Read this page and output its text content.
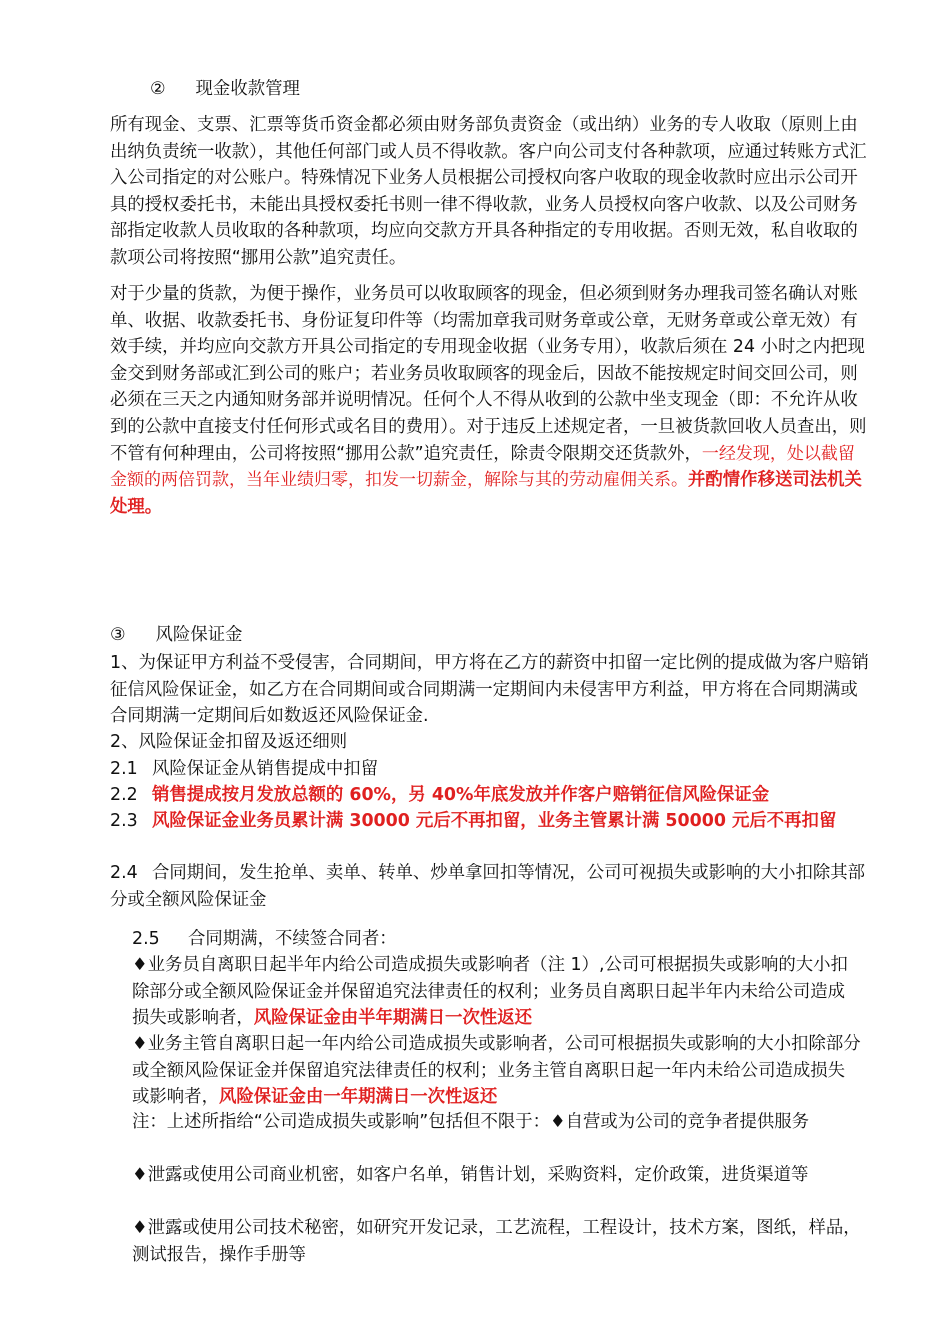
② 现金收款管理

所有现金、支票、汇票等货币资金都必须由财务部负责资金（或出纳）业务的专人收取（原则上由出纳负责统一收款），其他任何部门或人员不得收款。客户向公司支付各种款项，应通过转账方式汇入公司指定的对公账户。特殊情况下业务人员根据公司授权向客户收取的现金收款时应出示公司开具的授权委托书，未能出具授权委托书则一律不得收款，业务人员授权向客户收款、以及公司财务部指定收款人员收取的各种款项，均应向交款方开具各种指定的专用收据。否则无效，私自收取的款项公司将按照“挪用公款”追究责任。

对于少量的货款，为便于操作，业务员可以收取顾客的现金，但必须到财务办理我司签名确认对账单、收据、收款委托书、身份证复印件等（均需加章我司财务章或公章，无财务章或公章无效）有效手续，并均应向交款方开具公司指定的专用现金收据（业务专用），收款后须在 24 小时之内把现金交到财务部或汇到公司的账户；若业务员收取顾客的现金后，因故不能按规定时间交回公司，则必须在三天之内通知财务部并说明情况。任何个人不得从收到的公款中坐支现金（即：不允许从收到的公款中直接支付任何形式或名目的费用）。对于违反上述规定者，一旦被货款回收人员查出，则不管有何种理由，公司将按照“挪用公款”追究责任，除责令限期交还货款外，一经发现，处以截留金额的两倍罚款，当年业绩归零，扣发一切薪金，解除与其的劳动雇佣关系。并酌情作移送司法机关处理。

③ 风险保证金

1、为保证甲方利益不受侵害，合同期间，甲方将在乙方的薪资中扣留一定比例的提成做为客户赔销征信风险保证金，如乙方在合同期间或合同期满一定期间内未侵害甲方利益，甲方将在合同期满或合同期满一定期间后如数返还风险保证金.

2、风险保证金扣留及返还细则

2.1 风险保证金从销售提成中扣留

2.2 销售提成按月发放总额的 60%，另 40%年底发放并作客户赔销征信风险保证金

2.3 风险保证金业务员累计满 30000 元后不再扣留，业务主管累计满 50000 元后不再扣留

2.4 合同期间，发生抢单、卖单、转单、炒单拿回扣等情况，公司可视损失或影响的大小扣除其部分或全额风险保证金

2.5 合同期满，不续签合同者：

♦业务员自离职日起半年内给公司造成损失或影响者（注 1）,公司可根据损失或影响的大小扣除部分或全额风险保证金并保留追究法律责任的权利；业务员自离职日起半年内未给公司造成损失或影响者，风险保证金由半年期满日一次性返还

♦业务主管自离职日起一年内给公司造成损失或影响者，公司可根据损失或影响的大小扣除部分或全额风险保证金并保留追究法律责任的权利；业务主管自离职日起一年内未给公司造成损失或影响者，风险保证金由一年期满日一次性返还

注：上述所指给“公司造成损失或影响”包括但不限于：♦自营或为公司的竞争者提供服务

♦泄露或使用公司商业机密，如客户名单，销售计划，采购资料，定价政策，进货渠道等

♦泄露或使用公司技术秘密，如研究开发记录，工艺流程，工程设计，技术方案，图纸，样品，测试报告，操作手册等
